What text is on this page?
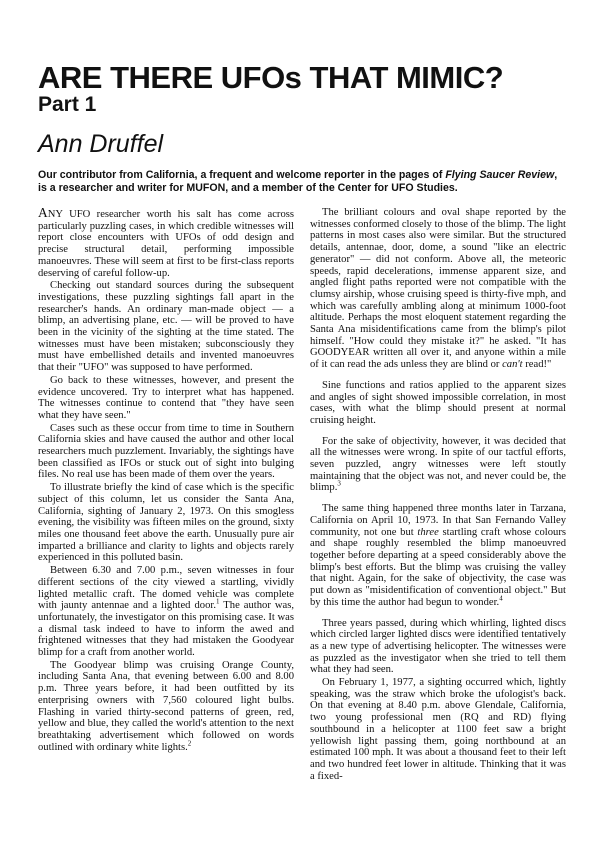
ARE THERE UFOs THAT MIMIC?
Part 1
Ann Druffel

Our contributor from California, a frequent and welcome reporter in the pages of Flying Saucer Review, is a researcher and writer for MUFON, and a member of the Center for UFO Studies.

ANY UFO researcher worth his salt has come across particularly puzzling cases, in which credible witnesses will report close encounters with UFOs of odd design and precise structural detail, performing impossible manoeuvres. These will seem at first to be first-class reports deserving of careful follow-up.

Checking out standard sources during the subsequent investigations, these puzzling sightings fall apart in the researcher's hands. An ordinary man-made object — a blimp, an advertising plane, etc. — will be proved to have been in the vicinity of the sighting at the time stated. The witnesses must have been mistaken; subconsciously they must have embellished details and invented manoeuvres that their "UFO" was supposed to have performed.

Go back to these witnesses, however, and present the evidence uncovered. Try to interpret what has happened. The witnesses continue to contend that "they have seen what they have seen."

Cases such as these occur from time to time in Southern California skies and have caused the author and other local researchers much puzzlement. Invariably, the sightings have been classified as IFOs or stuck out of sight into bulging files. No real use has been made of them over the years.

To illustrate briefly the kind of case which is the specific subject of this column, let us consider the Santa Ana, California, sighting of January 2, 1973. On this smogless evening, the visibility was fifteen miles on the ground, sixty miles one thousand feet above the earth. Unusually pure air imparted a brilliance and clarity to lights and objects rarely experienced in this polluted basin.

Between 6.30 and 7.00 p.m., seven witnesses in four different sections of the city viewed a startling, vividly lighted metallic craft. The domed vehicle was complete with jaunty antennae and a lighted door.$^1$ The author was, unfortunately, the investigator on this promising case. It was a dismal task indeed to have to inform the awed and frightened witnesses that they had mistaken the Goodyear blimp for a craft from another world.

The Goodyear blimp was cruising Orange County, including Santa Ana, that evening between 6.00 and 8.00 p.m. Three years before, it had been outfitted by its enterprising owners with 7,560 coloured light bulbs. Flashing in varied thirty-second patterns of green, red, yellow and blue, they called the world's attention to the next breathtaking advertisement which followed on words outlined with ordinary white lights.$^2$

The brilliant colours and oval shape reported by the witnesses conformed closely to those of the blimp. The light patterns in most cases also were similar. But the structured details, antennae, door, dome, a sound "like an electric generator" — did not conform. Above all, the meteoric speeds, rapid decelerations, immense apparent size, and angled flight paths reported were not compatible with the clumsy airship, whose cruising speed is thirty-five mph, and which was carefully ambling along at minimum 1000-foot altitude. Perhaps the most eloquent statement regarding the Santa Ana misidentifications came from the blimp's pilot himself. "How could they mistake it?" he asked. "It has GOODYEAR written all over it, and anyone within a mile of it can read the ads unless they are blind or can't read!"

Sine functions and ratios applied to the apparent sizes and angles of sight showed impossible correlation, in most cases, with what the blimp should present at normal cruising height.

For the sake of objectivity, however, it was decided that all the witnesses were wrong. In spite of our tactful efforts, seven puzzled, angry witnesses were left stoutly maintaining that the object was not, and never could be, the blimp.$^3$

The same thing happened three months later in Tarzana, California on April 10, 1973. In that San Fernando Valley community, not one but three startling craft whose colours and shape roughly resembled the blimp manoeuvred together before departing at a speed considerably above the blimp's best efforts. But the blimp was cruising the valley that night. Again, for the sake of objectivity, the case was put down as "misidentification of conventional object." But by this time the author had begun to wonder.$^4$

Three years passed, during which whirling, lighted discs which circled larger lighted discs were identified tentatively as a new type of advertising helicopter. The witnesses were as puzzled as the investigator when she tried to tell them what they had seen.

On February 1, 1977, a sighting occurred which, lightly speaking, was the straw which broke the ufologist's back. On that evening at 8.40 p.m. above Glendale, California, two young professional men (RQ and RD) flying southbound in a helicopter at 1100 feet saw a bright yellowish light passing them, going northbound at an estimated 100 mph. It was about a thousand feet to their left and two hundred feet lower in altitude. Thinking that it was a fixed-
